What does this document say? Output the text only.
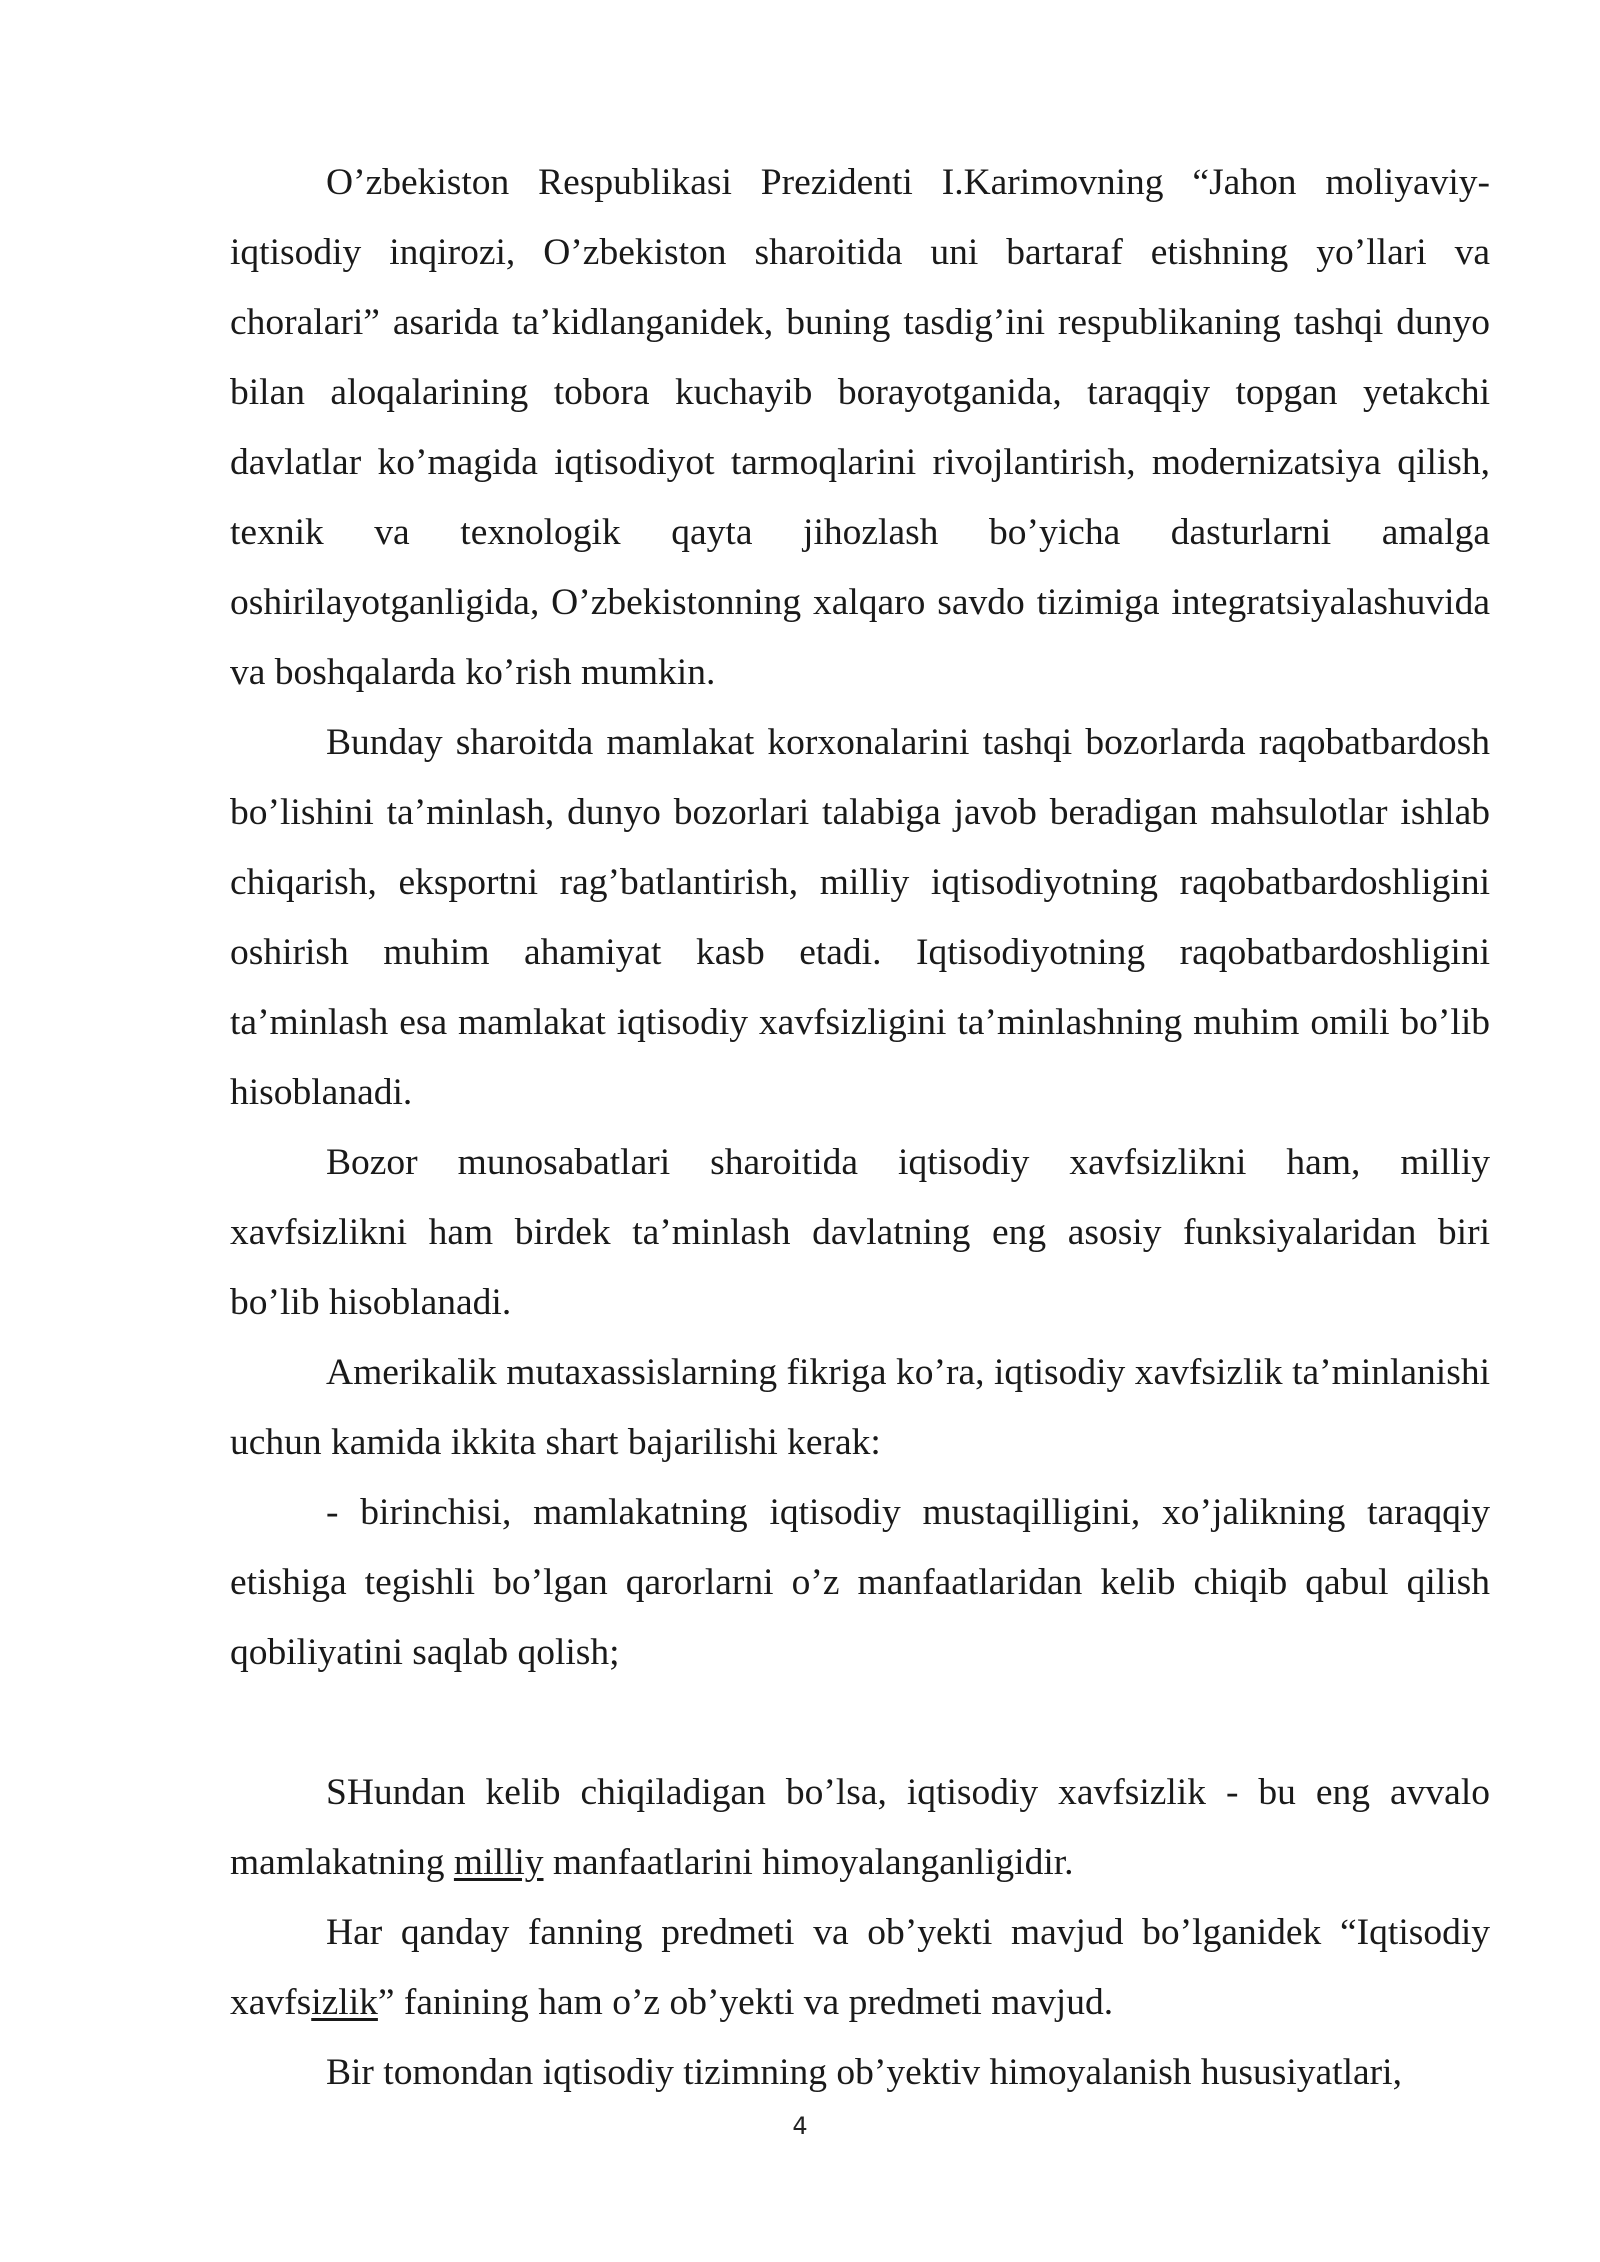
O’zbekiston Respublikasi Prezidenti I.Karimovning “Jahon moliyaviy-iqtisodiy inqirozi, O’zbekiston sharoitida uni bartaraf etishning yo’llari va choralari” asarida ta’kidlanganidek, buning tasdig’ini respublikaning tashqi dunyo bilan aloqalarining tobora kuchayib borayotganida, taraqqiy topgan yetakchi davlatlar ko’magida iqtisodiyot tarmoqlarini rivojlantirish, modernizatsiya qilish, texnik va texnologik qayta jihozlash bo’yicha dasturlarni amalga oshirilayotganligida, O’zbekistonning xalqaro savdo tizimiga integratsiyalashuvida va boshqalarda ko’rish mumkin.

Bunday sharoitda mamlakat korxonalarini tashqi bozorlarda raqobatbardosh bo’lishini ta’minlash, dunyo bozorlari talabiga javob beradigan mahsulotlar ishlab chiqarish, eksportni rag’batlantirish, milliy iqtisodiyotning raqobatbardoshligini oshirish muhim ahamiyat kasb etadi. Iqtisodiyotning raqobatbardoshligini ta’minlash esa mamlakat iqtisodiy xavfsizligini ta’minlashning muhim omili bo’lib hisoblanadi.

Bozor munosabatlari sharoitida iqtisodiy xavfsizlikni ham, milliy xavfsizlikni ham birdek ta’minlash davlatning eng asosiy funksiyalaridan biri bo’lib hisoblanadi.

Amerikalik mutaxassislarning fikriga ko’ra, iqtisodiy xavfsizlik ta’minlanishi uchun kamida ikkita shart bajarilishi kerak:

- birinchisi, mamlakatning iqtisodiy mustaqilligini, xo’jalikning taraqqiy etishiga tegishli bo’lgan qarorlarni o’z manfaatlaridan kelib chiqib qabul qilish qobiliyatini saqlab qolish;

SHundan kelib chiqiladigan bo’lsa, iqtisodiy xavfsizlik - bu eng avvalo mamlakatning milliy manfaatlarini himoyalanganligidir.

Har qanday fanning predmeti va ob’yekti mavjud bo’lganidek “Iqtisodiy xavfsizlik” fanining ham o’z ob’yekti va predmeti mavjud.

Bir tomondan iqtisodiy tizimning ob’yektiv himoyalanish hususiyatlari,

4
